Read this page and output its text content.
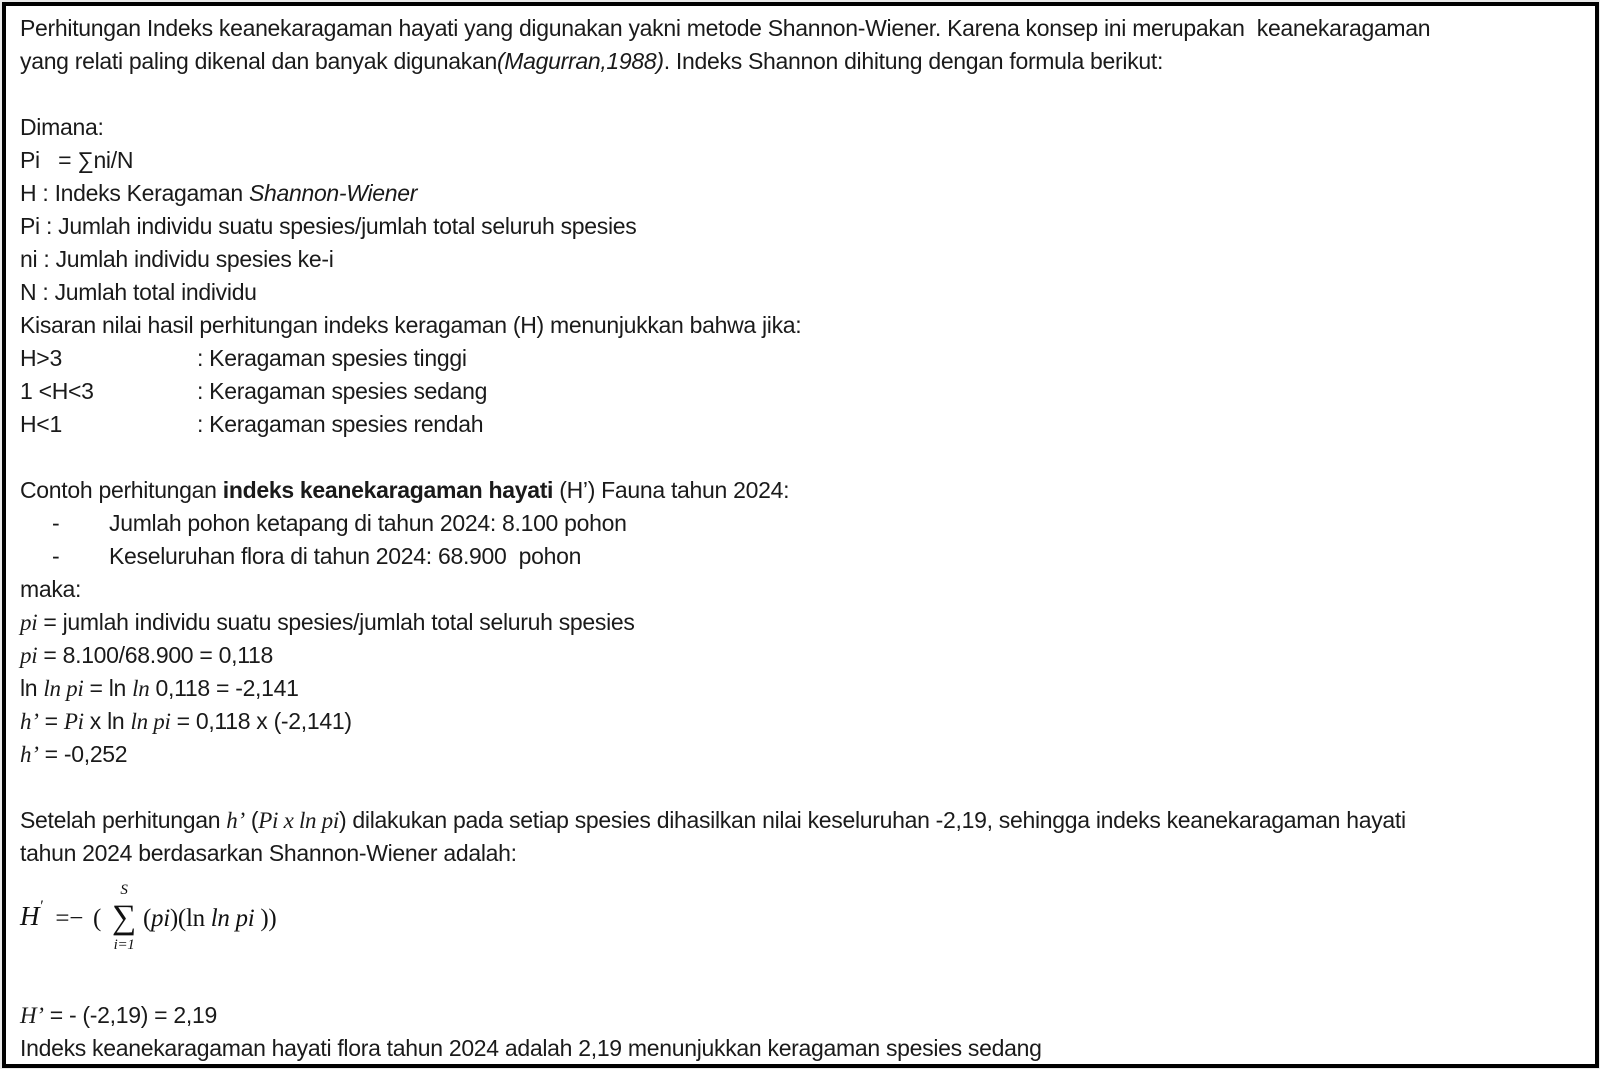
Perhitungan Indeks keanekaragaman hayati yang digunakan yakni metode Shannon-Wiener. Karena konsep ini merupakan  keanekaragaman
yang relati paling dikenal dan banyak digunakan(Magurran,1988). Indeks Shannon dihitung dengan formula berikut:
Dimana:
Pi   = ∑ni/N
H : Indeks Keragaman Shannon-Wiener
Pi : Jumlah individu suatu spesies/jumlah total seluruh spesies
ni : Jumlah individu spesies ke-i
N : Jumlah total individu
Kisaran nilai hasil perhitungan indeks keragaman (H) menunjukkan bahwa jika:
H>3	: Keragaman spesies tinggi
1 <H<3	: Keragaman spesies sedang
H<1	: Keragaman spesies rendah
Contoh perhitungan indeks keanekaragaman hayati (H’) Fauna tahun 2024:
- Jumlah pohon ketapang di tahun 2024: 8.100 pohon
- Keseluruhan flora di tahun 2024: 68.900  pohon
maka:
pi = jumlah individu suatu spesies/jumlah total seluruh spesies
pi = 8.100/68.900 = 0,118
ln ln pi = ln ln 0,118 = -2,141
h’ = Pi x ln ln pi = 0,118 x (-2,141)
h’ = -0,252
Setelah perhitungan h’ (Pi x ln pi) dilakukan pada setiap spesies dihasilkan nilai keseluruhan -2,19, sehingga indeks keanekaragaman hayati
tahun 2024 berdasarkan Shannon-Wiener adalah:
H′ =− (
S
∑
i=1
( pi )( ln ln pi ))
H’ = - (-2,19) = 2,19
Indeks keanekaragaman hayati flora tahun 2024 adalah 2,19 menunjukkan keragaman spesies sedang
